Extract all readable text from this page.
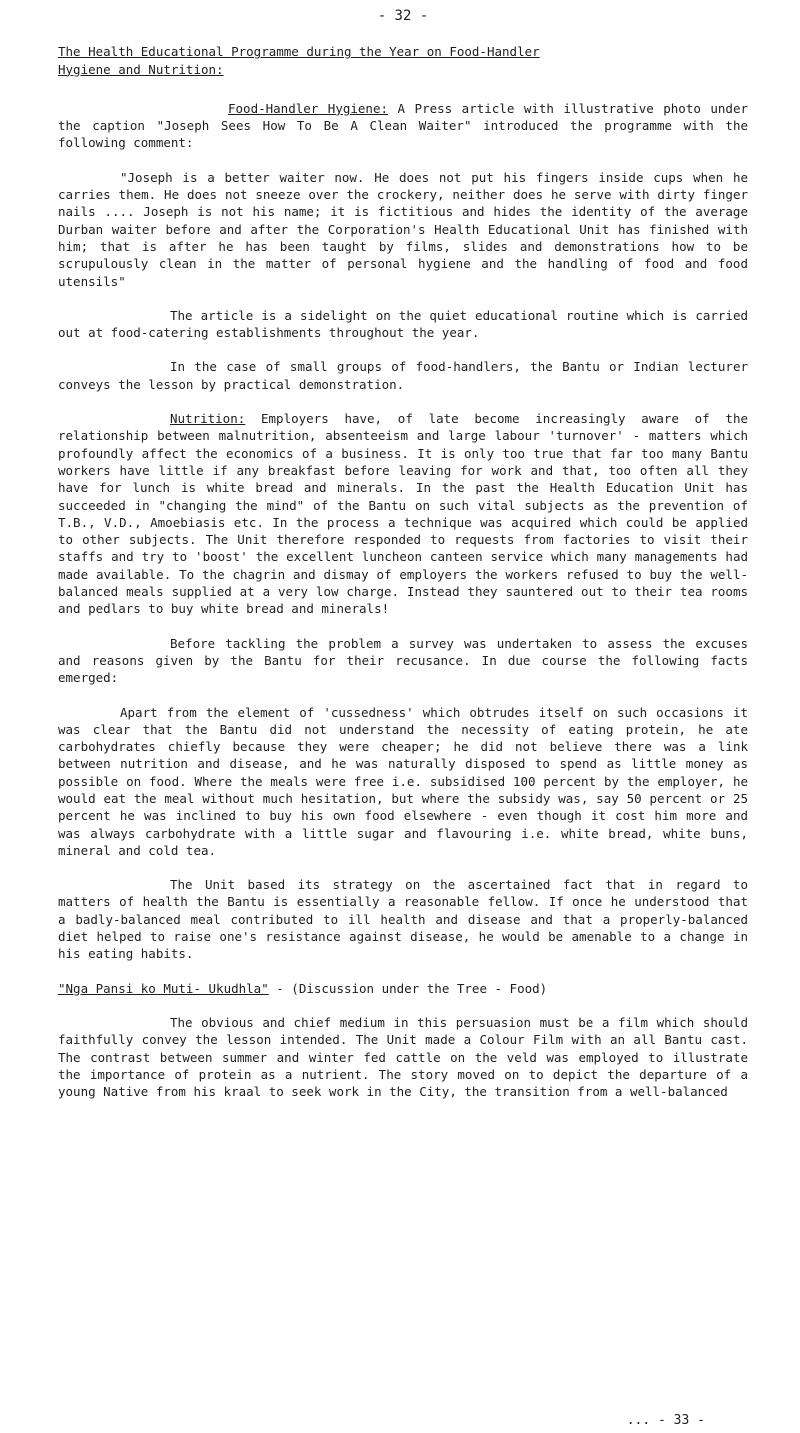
- 32 -
The Health Educational Programme during the Year on Food-Handler
Hygiene and Nutrition:

Food-Handler Hygiene: A Press article with illustrative photo under the caption "Joseph Sees How To Be A Clean Waiter" introduced the programme with the following comment:

"Joseph is a better waiter now. He does not put his fingers inside cups when he carries them. He does not sneeze over the crockery, neither does he serve with dirty finger nails .... Joseph is not his name; it is fictitious and hides the identity of the average Durban waiter before and after the Corporation's Health Educational Unit has finished with him; that is after he has been taught by films, slides and demonstrations how to be scrupulously clean in the matter of personal hygiene and the handling of food and food utensils"

The article is a sidelight on the quiet educational routine which is carried out at food-catering establishments throughout the year.

In the case of small groups of food-handlers, the Bantu or Indian lecturer conveys the lesson by practical demonstration.

Nutrition: Employers have, of late become increasingly aware of the relationship between malnutrition, absenteeism and large labour 'turnover' - matters which profoundly affect the economics of a business. It is only too true that far too many Bantu workers have little if any breakfast before leaving for work and that, too often all they have for lunch is white bread and minerals. In the past the Health Education Unit has succeeded in "changing the mind" of the Bantu on such vital subjects as the prevention of T.B., V.D., Amoebiasis etc. In the process a technique was acquired which could be applied to other subjects. The Unit therefore responded to requests from factories to visit their staffs and try to 'boost' the excellent luncheon canteen service which many managements had made available. To the chagrin and dismay of employers the workers refused to buy the well-balanced meals supplied at a very low charge. Instead they sauntered out to their tea rooms and pedlars to buy white bread and minerals!

Before tackling the problem a survey was undertaken to assess the excuses and reasons given by the Bantu for their recusance. In due course the following facts emerged:

Apart from the element of 'cussedness' which obtrudes itself on such occasions it was clear that the Bantu did not understand the necessity of eating protein, he ate carbohydrates chiefly because they were cheaper; he did not believe there was a link between nutrition and disease, and he was naturally disposed to spend as little money as possible on food. Where the meals were free i.e. subsidised 100 percent by the employer, he would eat the meal without much hesitation, but where the subsidy was, say 50 percent or 25 percent he was inclined to buy his own food elsewhere - even though it cost him more and was always carbohydrate with a little sugar and flavouring i.e. white bread, white buns, mineral and cold tea.

The Unit based its strategy on the ascertained fact that in regard to matters of health the Bantu is essentially a reasonable fellow. If once he understood that a badly-balanced meal contributed to ill health and disease and that a properly-balanced diet helped to raise one's resistance against disease, he would be amenable to a change in his eating habits.

"Nga Pansi ko Muti- Ukudhla" - (Discussion under the Tree - Food)

The obvious and chief medium in this persuasion must be a film which should faithfully convey the lesson intended. The Unit made a Colour Film with an all Bantu cast. The contrast between summer and winter fed cattle on the veld was employed to illustrate the importance of protein as a nutrient. The story moved on to depict the departure of a young Native from his kraal to seek work in the City, the transition from a well-balanced

... - 33 -
